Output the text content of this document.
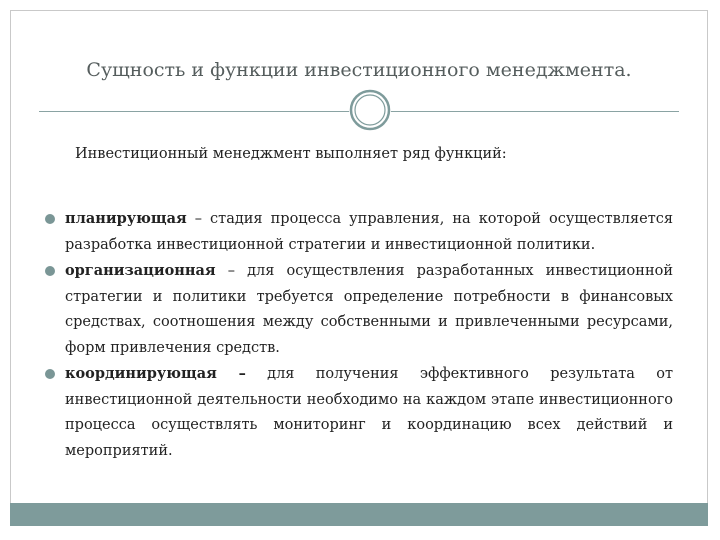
Сущность и функции инвестиционного менеджмента.
Инвестиционный менеджмент выполняет ряд функций:
планирующая – стадия процесса управления, на которой осуществляется разработка инвестиционной стратегии и инвестиционной политики.
организационная – для осуществления разработанных инвестиционной стратегии и политики требуется определение потребности в финансовых средствах, соотношения между собственными и привлеченными ресурсами, форм привлечения средств.
координирующая – для получения эффективного результата от инвестиционной деятельности необходимо на каждом этапе инвестиционного процесса осуществлять мониторинг и координацию всех действий и мероприятий.
